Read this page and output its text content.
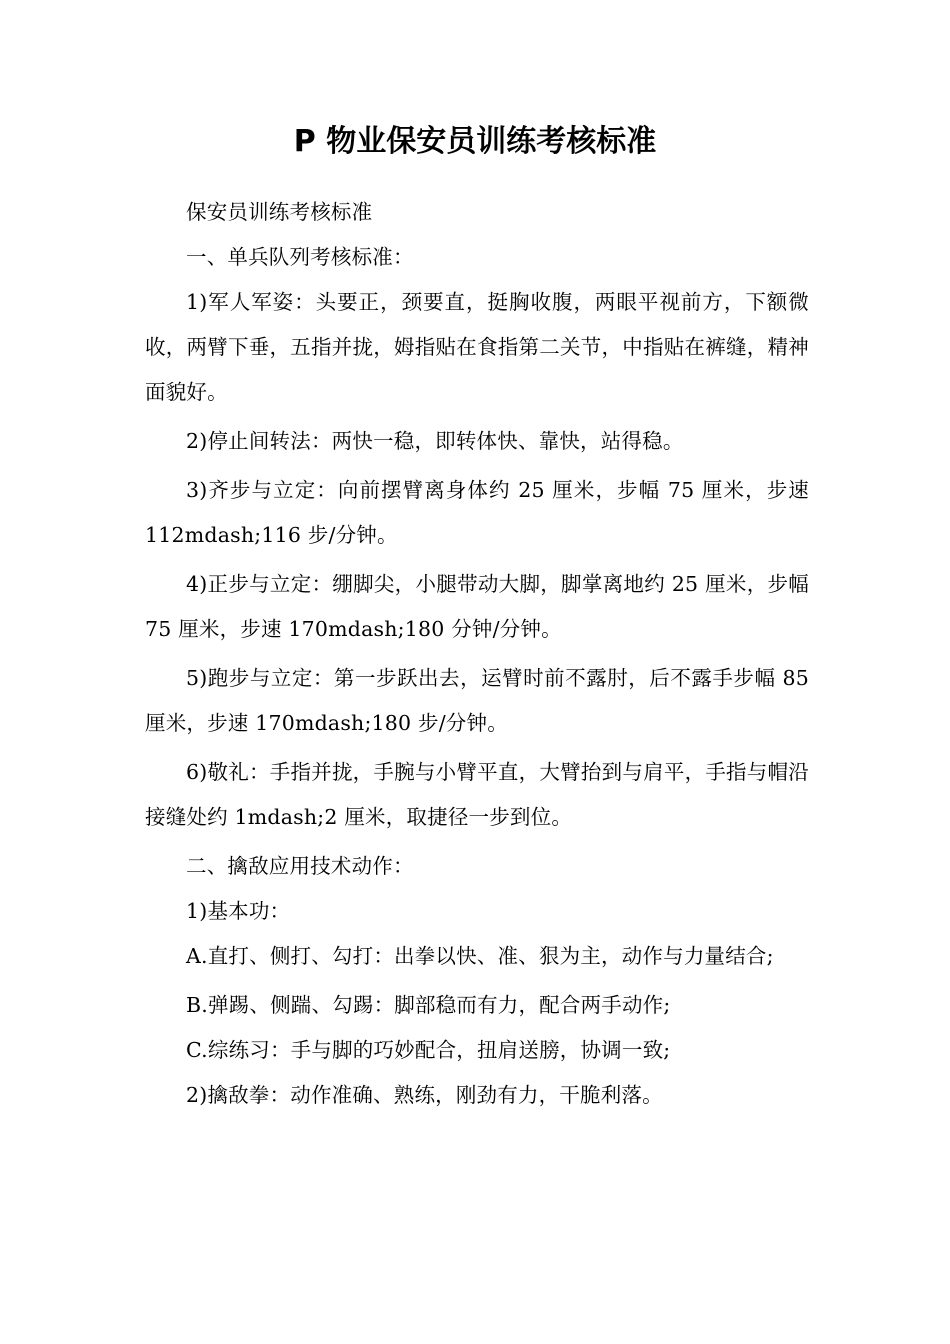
P 物业保安员训练考核标准

保安员训练考核标准

一、单兵队列考核标准：

1)军人军姿：头要正，颈要直，挺胸收腹，两眼平视前方，下额微收，两臂下垂，五指并拢，姆指贴在食指第二关节，中指贴在裤缝，精神面貌好。

2)停止间转法：两快一稳，即转体快、靠快，站得稳。

3)齐步与立定：向前摆臂离身体约 25 厘米，步幅 75 厘米，步速 112mdash;116 步/分钟。

4)正步与立定：绷脚尖，小腿带动大脚，脚掌离地约 25 厘米，步幅 75 厘米，步速 170mdash;180 分钟/分钟。

5)跑步与立定：第一步跃出去，运臂时前不露肘，后不露手步幅 85 厘米，步速 170mdash;180 步/分钟。

6)敬礼：手指并拢，手腕与小臂平直，大臂抬到与肩平，手指与帽沿接缝处约 1mdash;2 厘米，取捷径一步到位。

二、擒敌应用技术动作：

1)基本功：

A.直打、侧打、勾打：出拳以快、准、狠为主，动作与力量结合;

B.弹踢、侧踹、勾踢：脚部稳而有力，配合两手动作;

C.综练习：手与脚的巧妙配合，扭肩送膀，协调一致;

2)擒敌拳：动作准确、熟练，刚劲有力，干脆利落。
